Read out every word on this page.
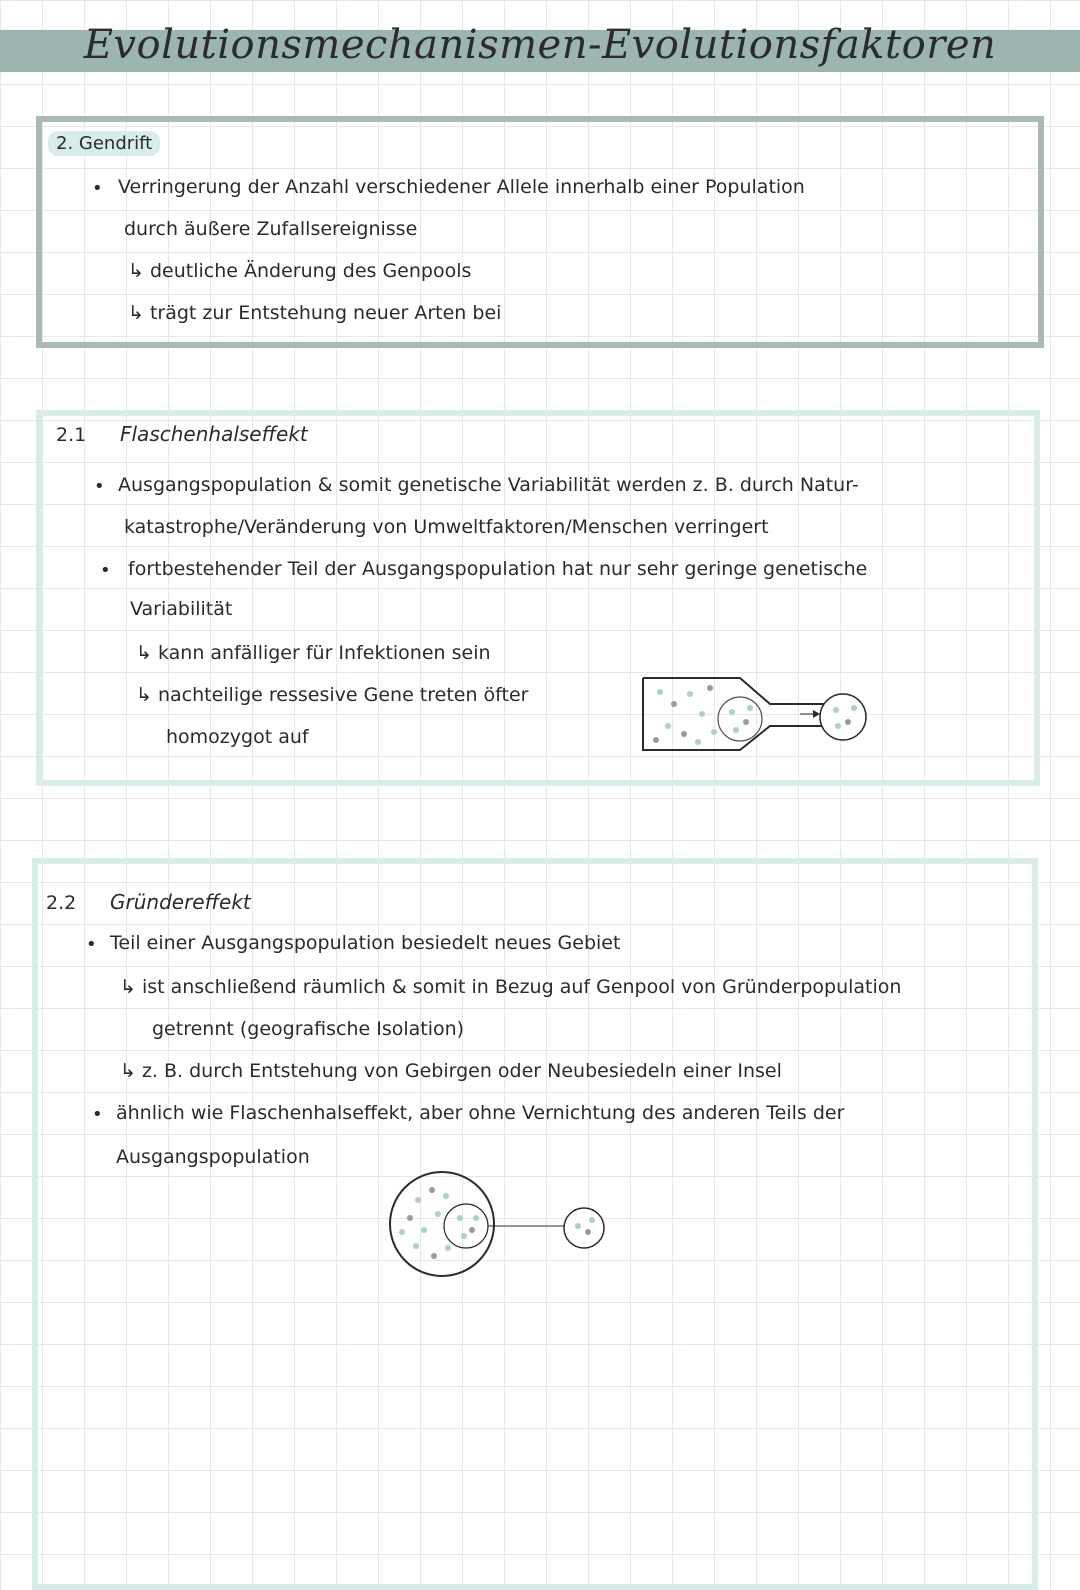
Evolutionsmechanismen-Evolutionsfaktoren
2. Gendrift
• Verringerung der Anzahl verschiedener Allele innerhalb einer Population
durch äußere Zufallsereignisse
↳ deutliche Änderung des Genpools
↳ trägt zur Entstehung neuer Arten bei
2.1 Flaschenhalseffekt
• Ausgangspopulation & somit genetische Variabilität werden z. B. durch Natur-
katastrophe/Veränderung von Umweltfaktoren/Menschen verringert
• fortbestehender Teil der Ausgangspopulation hat nur sehr geringe genetische
Variabilität
↳ kann anfälliger für Infektionen sein
↳ nachteilige ressesive Gene treten öfter
homozygot auf
2.2 Gründereffekt
• Teil einer Ausgangspopulation besiedelt neues Gebiet
↳ ist anschließend räumlich & somit in Bezug auf Genpool von Gründerpopulation
getrennt (geografische Isolation)
↳ z. B. durch Entstehung von Gebirgen oder Neubesiedeln einer Insel
• ähnlich wie Flaschenhalseffekt, aber ohne Vernichtung des anderen Teils der
Ausgangspopulation
